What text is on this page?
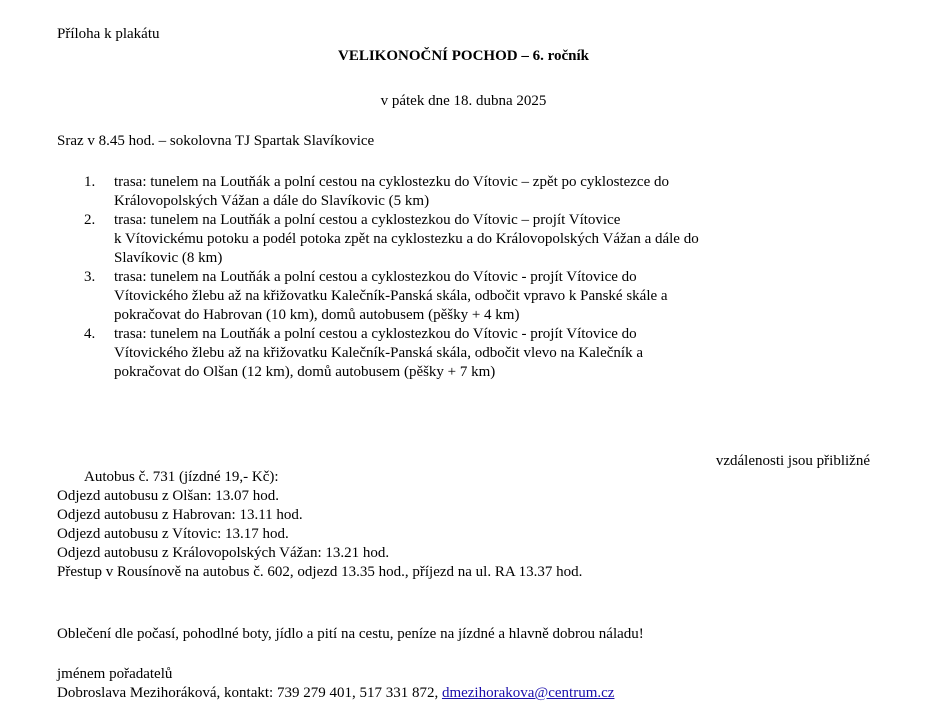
Příloha k plakátu
VELIKONOČNÍ POCHOD – 6. ročník
v pátek dne 18. dubna 2025
Sraz v 8.45 hod. – sokolovna TJ Spartak Slavíkovice
1.	trasa: tunelem na Loutňák a polní cestou na cyklostezku do Vítovic – zpět po cyklostezce do
Královopolských Vážan a dále do Slavíkovic (5 km)
2.	trasa: tunelem na Loutňák a polní cestou a cyklostezkou do Vítovic – projít Vítovice
k Vítovickému potoku a podél potoka zpět na cyklostezku a do Královopolských Vážan a dále do
Slavíkovic (8 km)
3.	trasa: tunelem na Loutňák a polní cestou a cyklostezkou do Vítovic - projít Vítovice do
Vítovického žlebu až na křižovatku Kalečník-Panská skála, odbočit vpravo k Panské skále a
pokračovat do Habrovan (10 km), domů autobusem (pěšky + 4 km)
4.	trasa: tunelem na Loutňák a polní cestou a cyklostezkou do Vítovic - projít Vítovice do
Vítovického žlebu až na křižovatku Kalečník-Panská skála, odbočit vlevo na Kalečník a
pokračovat do Olšan (12 km), domů autobusem (pěšky + 7 km)
vzdálenosti jsou přibližné
Autobus č. 731 (jízdné 19,- Kč):
Odjezd autobusu z Olšan: 13.07 hod.
Odjezd autobusu z Habrovan: 13.11 hod.
Odjezd autobusu z Vítovic: 13.17 hod.
Odjezd autobusu z Královopolských Vážan: 13.21 hod.
Přestup v Rousínově na autobus č. 602, odjezd 13.35 hod., příjezd na ul. RA 13.37 hod.
Oblečení dle počasí, pohodlné boty, jídlo a pití na cestu, peníze na jízdné a hlavně dobrou náladu!
jménem pořadatelů
Dobroslava Mezihoráková, kontakt: 739 279 401, 517 331 872, dmezihorakova@centrum.cz
